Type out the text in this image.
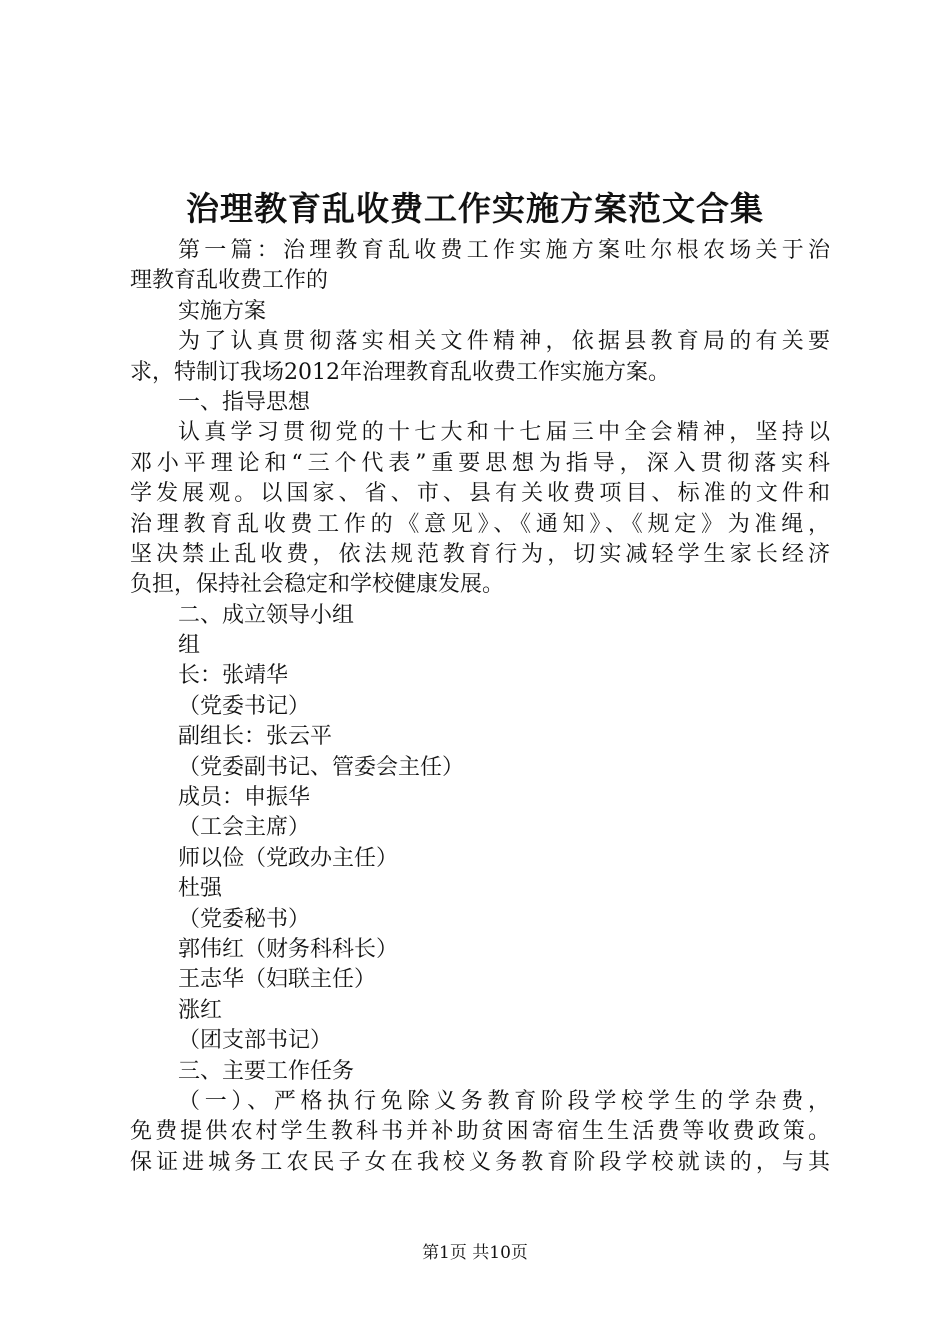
治理教育乱收费工作实施方案范文合集
第一篇：治理教育乱收费工作实施方案吐尔根农场关于治
理教育乱收费工作的
实施方案
为了认真贯彻落实相关文件精神，依据县教育局的有关要
求，特制订我场2012年治理教育乱收费工作实施方案。
一、指导思想
认真学习贯彻党的十七大和十七届三中全会精神，坚持以
邓小平理论和“三个代表”重要思想为指导，深入贯彻落实科
学发展观。以国家、省、市、县有关收费项目、标准的文件和
治理教育乱收费工作的《意见》、《通知》、《规定》为准绳，
坚决禁止乱收费，依法规范教育行为，切实减轻学生家长经济
负担，保持社会稳定和学校健康发展。
二、成立领导小组
组
长：张靖华
（党委书记）
副组长：张云平
（党委副书记、管委会主任）
成员：申振华
（工会主席）
师以俭（党政办主任）
杜强
（党委秘书）
郭伟红（财务科科长）
王志华（妇联主任）
涨红
（团支部书记）
三、主要工作任务
（一）、严格执行免除义务教育阶段学校学生的学杂费，
免费提供农村学生教科书并补助贫困寄宿生生活费等收费政策。
保证进城务工农民子女在我校义务教育阶段学校就读的，与其
第1页 共10页
